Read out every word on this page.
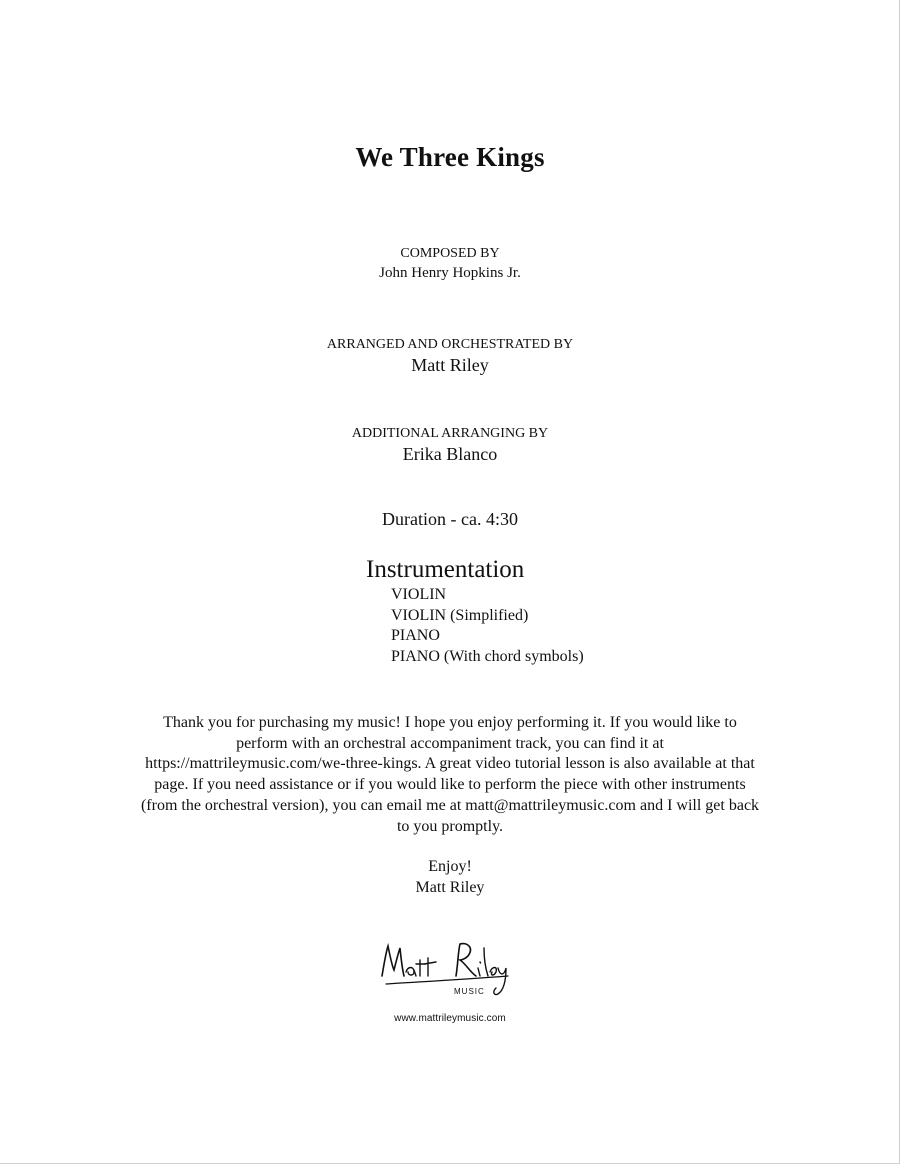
We Three Kings
COMPOSED BY
John Henry Hopkins Jr.
ARRANGED AND ORCHESTRATED BY
Matt Riley
ADDITIONAL ARRANGING BY
Erika Blanco
Duration - ca. 4:30
Instrumentation
VIOLIN
VIOLIN (Simplified)
PIANO
PIANO (With chord symbols)
Thank you for purchasing my music! I hope you enjoy performing it. If you would like to
perform with an orchestral accompaniment track, you can find it at
https://mattrileymusic.com/we-three-kings. A great video tutorial lesson is also available at that
page. If you need assistance or if you would like to perform the piece with other instruments
(from the orchestral version), you can email me at matt@mattrileymusic.com and I will get back
to you promptly.
Enjoy!
Matt Riley
MUSIC
www.mattrileymusic.com
